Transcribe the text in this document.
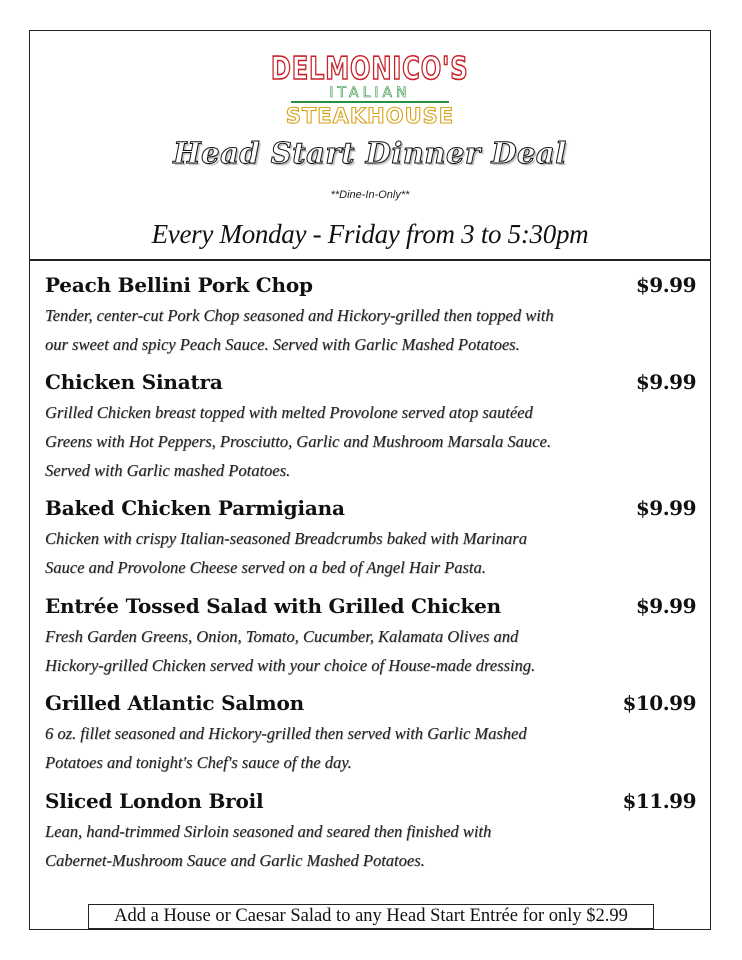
DELMONICO'S
ITALIAN
STEAKHOUSE
Head Start Dinner Deal
**Dine-In-Only**
Every Monday - Friday from 3 to 5:30pm
Peach Bellini Pork Chop	$9.99
Tender, center-cut Pork Chop seasoned and Hickory-grilled then topped with
our sweet and spicy Peach Sauce. Served with Garlic Mashed Potatoes.
Chicken Sinatra	$9.99
Grilled Chicken breast topped with melted Provolone served atop sautéed
Greens with Hot Peppers, Prosciutto, Garlic and Mushroom Marsala Sauce.
Served with Garlic mashed Potatoes.
Baked Chicken Parmigiana	$9.99
Chicken with crispy Italian-seasoned Breadcrumbs baked with Marinara
Sauce and Provolone Cheese served on a bed of Angel Hair Pasta.
Entrée Tossed Salad with Grilled Chicken	$9.99
Fresh Garden Greens, Onion, Tomato, Cucumber, Kalamata Olives and
Hickory-grilled Chicken served with your choice of House-made dressing.
Grilled Atlantic Salmon	$10.99
6 oz. fillet seasoned and Hickory-grilled then served with Garlic Mashed
Potatoes and tonight's Chef's sauce of the day.
Sliced London Broil	$11.99
Lean, hand-trimmed Sirloin seasoned and seared then finished with
Cabernet-Mushroom Sauce and Garlic Mashed Potatoes.
Add a House or Caesar Salad to any Head Start Entrée for only $2.99
